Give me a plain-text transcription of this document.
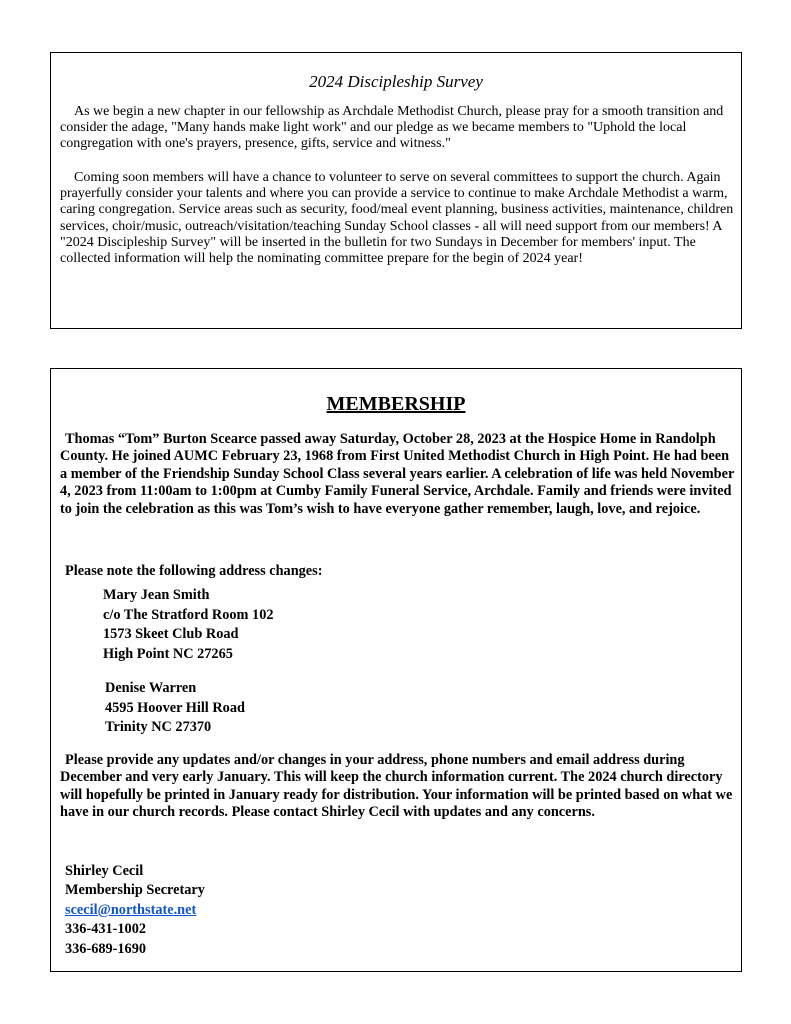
2024 Discipleship Survey

As we begin a new chapter in our fellowship as Archdale Methodist Church, please pray for a smooth transition and consider the adage, "Many hands make light work" and our pledge as we became members to "Uphold the local congregation with one's prayers, presence, gifts, service and witness."

Coming soon members will have a chance to volunteer to serve on several committees to support the church. Again prayerfully consider your talents and where you can provide a service to continue to make Archdale Methodist a warm, caring congregation. Service areas such as security, food/meal event planning, business activities, maintenance, children services, choir/music, outreach/visitation/teaching Sunday School classes - all will need support from our members! A "2024 Discipleship Survey" will be inserted in the bulletin for two Sundays in December for members' input. The collected information will help the nominating committee prepare for the begin of 2024 year!

MEMBERSHIP

Thomas “Tom” Burton Scearce passed away Saturday, October 28, 2023 at the Hospice Home in Randolph County. He joined AUMC February 23, 1968 from First United Methodist Church in High Point. He had been a member of the Friendship Sunday School Class several years earlier. A celebration of life was held November 4, 2023 from 11:00am to 1:00pm at Cumby Family Funeral Service, Archdale. Family and friends were invited to join the celebration as this was Tom’s wish to have everyone gather remember, laugh, love, and rejoice.

Please note the following address changes:

Mary Jean Smith
c/o The Stratford Room 102
1573 Skeet Club Road
High Point NC 27265
Denise Warren
4595 Hoover Hill Road
Trinity NC 27370

Please provide any updates and/or changes in your address, phone numbers and email address during December and very early January. This will keep the church information current. The 2024 church directory will hopefully be printed in January ready for distribution. Your information will be printed based on what we have in our church records. Please contact Shirley Cecil with updates and any concerns.

Shirley Cecil
Membership Secretary
scecil@northstate.net
336-431-1002
336-689-1690
